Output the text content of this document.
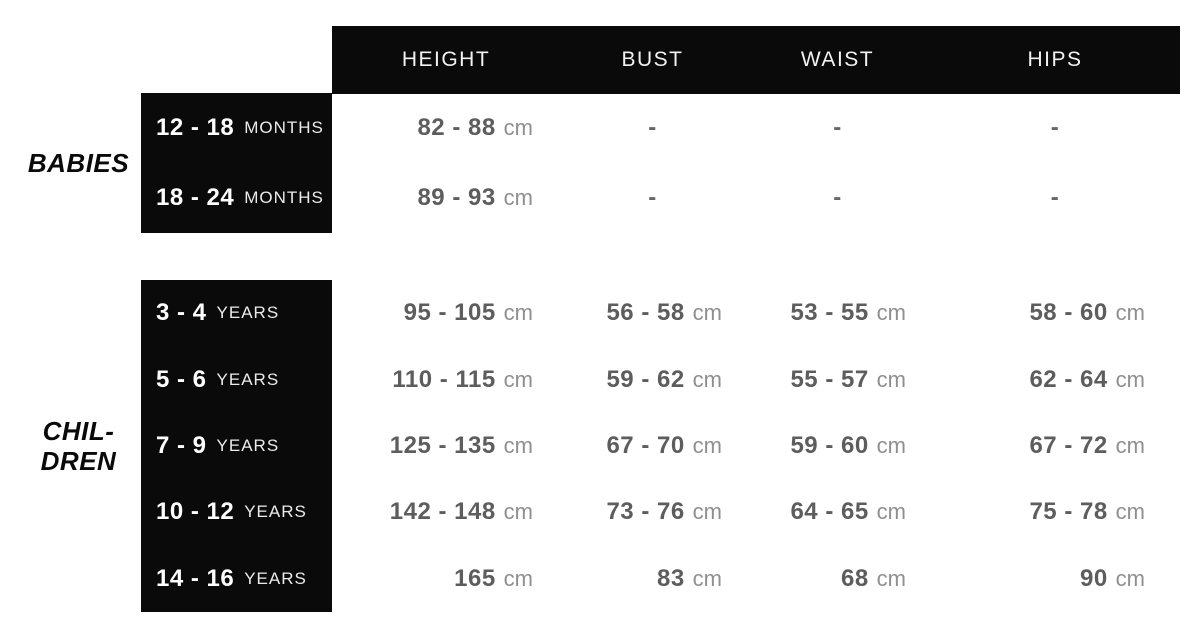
HEIGHT	BUST	WAIST	HIPS
BABIES
12 - 18 MONTHS	82 - 88 cm	-	-	-
18 - 24 MONTHS	89 - 93 cm	-	-	-
CHIL-
DREN
3 - 4 YEARS	95 - 105 cm	56 - 58 cm	53 - 55 cm	58 - 60 cm
5 - 6 YEARS	110 - 115 cm	59 - 62 cm	55 - 57 cm	62 - 64 cm
7 - 9 YEARS	125 - 135 cm	67 - 70 cm	59 - 60 cm	67 - 72 cm
10 - 12 YEARS	142 - 148 cm	73 - 76 cm	64 - 65 cm	75 - 78 cm
14 - 16 YEARS	165 cm	83 cm	68 cm	90 cm
